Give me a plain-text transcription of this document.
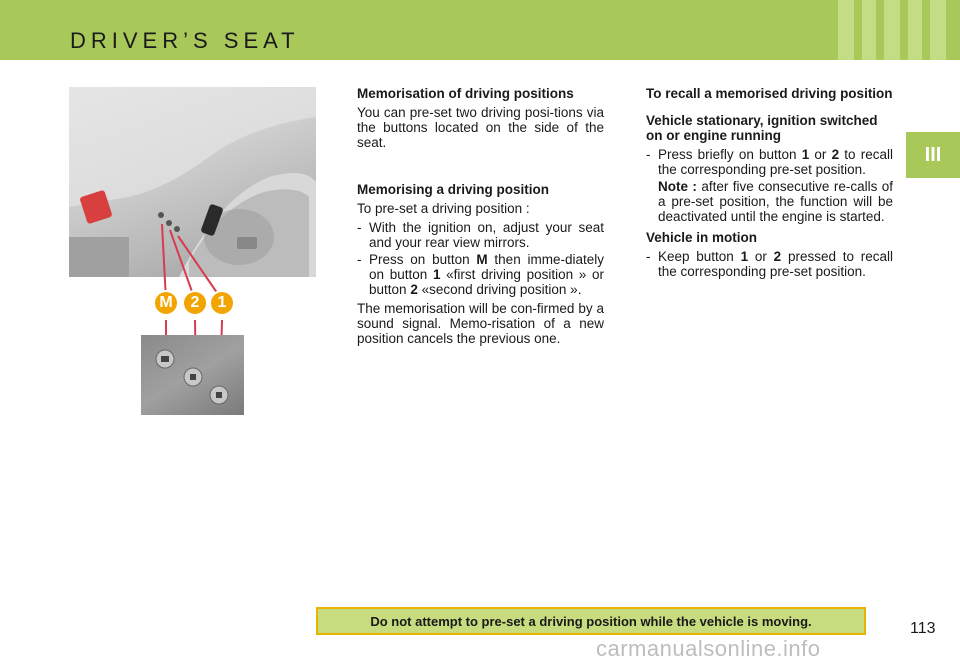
DRIVER’S SEAT
III
M	2	1
Memorisation of driving positions

You can pre-set two driving posi-tions via the buttons located on the side of the seat.

Memorising a driving position

To pre-set a driving position :

- With the ignition on, adjust your seat and your rear view mirrors.
- Press on button M then imme-diately on button 1 «first driving position » or button 2 «second driving position ».

The memorisation will be con-firmed by a sound signal. Memo-risation of a new position cancels the previous one.

To recall a memorised driving position
Vehicle stationary, ignition switched on or engine running
- Press briefly on button 1 or 2 to recall the corresponding pre-set position.
Note : after five consecutive re-calls of a pre-set position, the function will be deactivated until the engine is started.
Vehicle in motion
- Keep button 1 or 2 pressed to recall the corresponding pre-set position.
Do not attempt to pre-set a driving position while the vehicle is moving.	113
carmanualsonline.info
